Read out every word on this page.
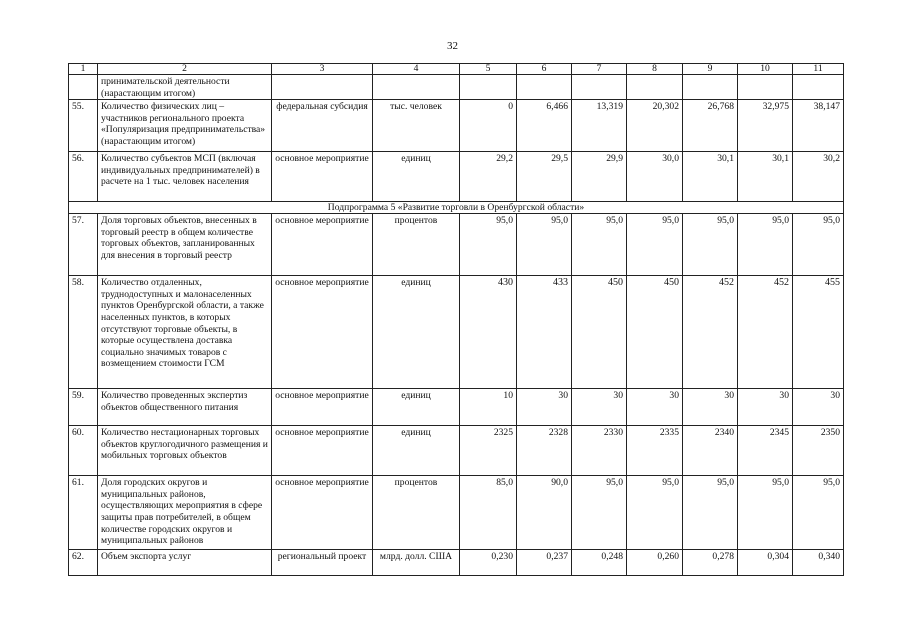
32
1	2	3	4	5	6	7	8	9	10	11
	принимательской деятельности (нарастающим итогом)									
55.	Количество физических лиц – участников регионального проекта «Популяризация предпринимательства» (нарастающим итогом)	федеральная субсидия	тыс. человек	0	6,466	13,319	20,302	26,768	32,975	38,147
56.	Количество субъектов МСП (включая индивидуальных предпринимателей) в расчете на 1 тыс. человек населения	основное мероприятие	единиц	29,2	29,5	29,9	30,0	30,1	30,1	30,2
Подпрограмма 5 «Развитие торговли в Оренбургской области»										
57.	Доля торговых объектов, внесенных в торговый реестр в общем количестве торговых объектов, запланированных для внесения в торговый реестр	основное мероприятие	процентов	95,0	95,0	95,0	95,0	95,0	95,0	95,0
58.	Количество отдаленных, труднодоступных и малонаселенных пунктов Оренбургской области, а также населенных пунктов, в которых отсутствуют торговые объекты, в которые осуществлена доставка социально значимых товаров с возмещением стоимости ГСМ	основное мероприятие	единиц	430	433	450	450	452	452	455
59.	Количество проведенных экспертиз объектов общественного питания	основное мероприятие	единиц	10	30	30	30	30	30	30
60.	Количество нестационарных торговых объектов круглогодичного размещения и мобильных торговых объектов	основное мероприятие	единиц	2325	2328	2330	2335	2340	2345	2350
61.	Доля городских округов и муниципальных районов, осуществляющих мероприятия в сфере защиты прав потребителей, в общем количестве городских округов и муниципальных районов	основное мероприятие	процентов	85,0	90,0	95,0	95,0	95,0	95,0	95,0
62.	Объем экспорта услуг	региональный проект	млрд. долл. США	0,230	0,237	0,248	0,260	0,278	0,304	0,340
